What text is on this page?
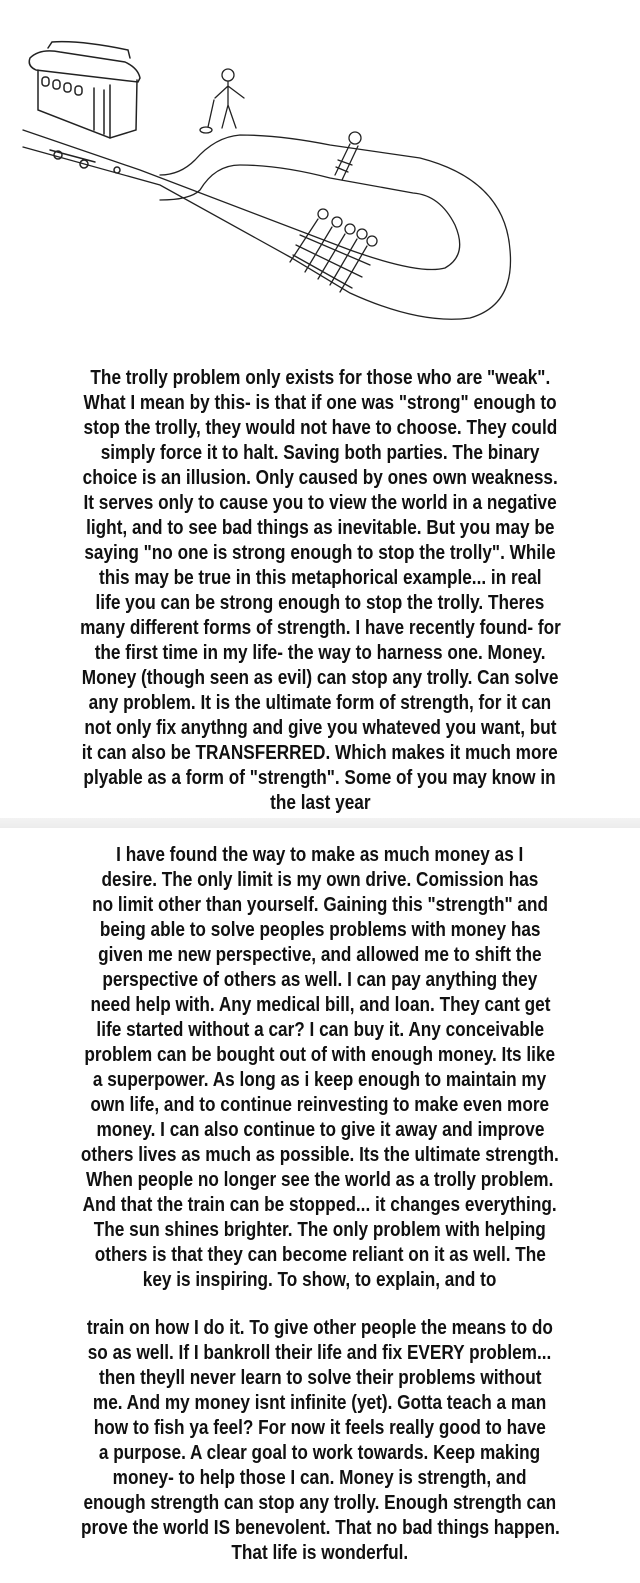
The trolly problem only exists for those who are "weak".
What I mean by this- is that if one was "strong" enough to
stop the trolly, they would not have to choose. They could
simply force it to halt. Saving both parties. The binary
choice is an illusion. Only caused by ones own weakness.
It serves only to cause you to view the world in a negative
light, and to see bad things as inevitable. But you may be
saying "no one is strong enough to stop the trolly". While
this may be true in this metaphorical example... in real
life you can be strong enough to stop the trolly. Theres
many different forms of strength. I have recently found- for
the first time in my life- the way to harness one. Money.
Money (though seen as evil) can stop any trolly. Can solve
any problem. It is the ultimate form of strength, for it can
not only fix anythng and give you whateved you want, but
it can also be TRANSFERRED. Which makes it much more
plyable as a form of "strength". Some of you may know in
the last year
I have found the way to make as much money as I
desire. The only limit is my own drive. Comission has
no limit other than yourself. Gaining this "strength" and
being able to solve peoples problems with money has
given me new perspective, and allowed me to shift the
perspective of others as well. I can pay anything they
need help with. Any medical bill, and loan. They cant get
life started without a car? I can buy it. Any conceivable
problem can be bought out of with enough money. Its like
a superpower. As long as i keep enough to maintain my
own life, and to continue reinvesting to make even more
money. I can also continue to give it away and improve
others lives as much as possible. Its the ultimate strength.
When people no longer see the world as a trolly problem.
And that the train can be stopped... it changes everything.
The sun shines brighter. The only problem with helping
others is that they can become reliant on it as well. The
key is inspiring. To show, to explain, and to
train on how I do it. To give other people the means to do
so as well. If I bankroll their life and fix EVERY problem...
then theyll never learn to solve their problems without
me. And my money isnt infinite (yet). Gotta teach a man
how to fish ya feel? For now it feels really good to have
a purpose. A clear goal to work towards. Keep making
money- to help those I can. Money is strength, and
enough strength can stop any trolly. Enough strength can
prove the world IS benevolent. That no bad things happen.
That life is wonderful.
